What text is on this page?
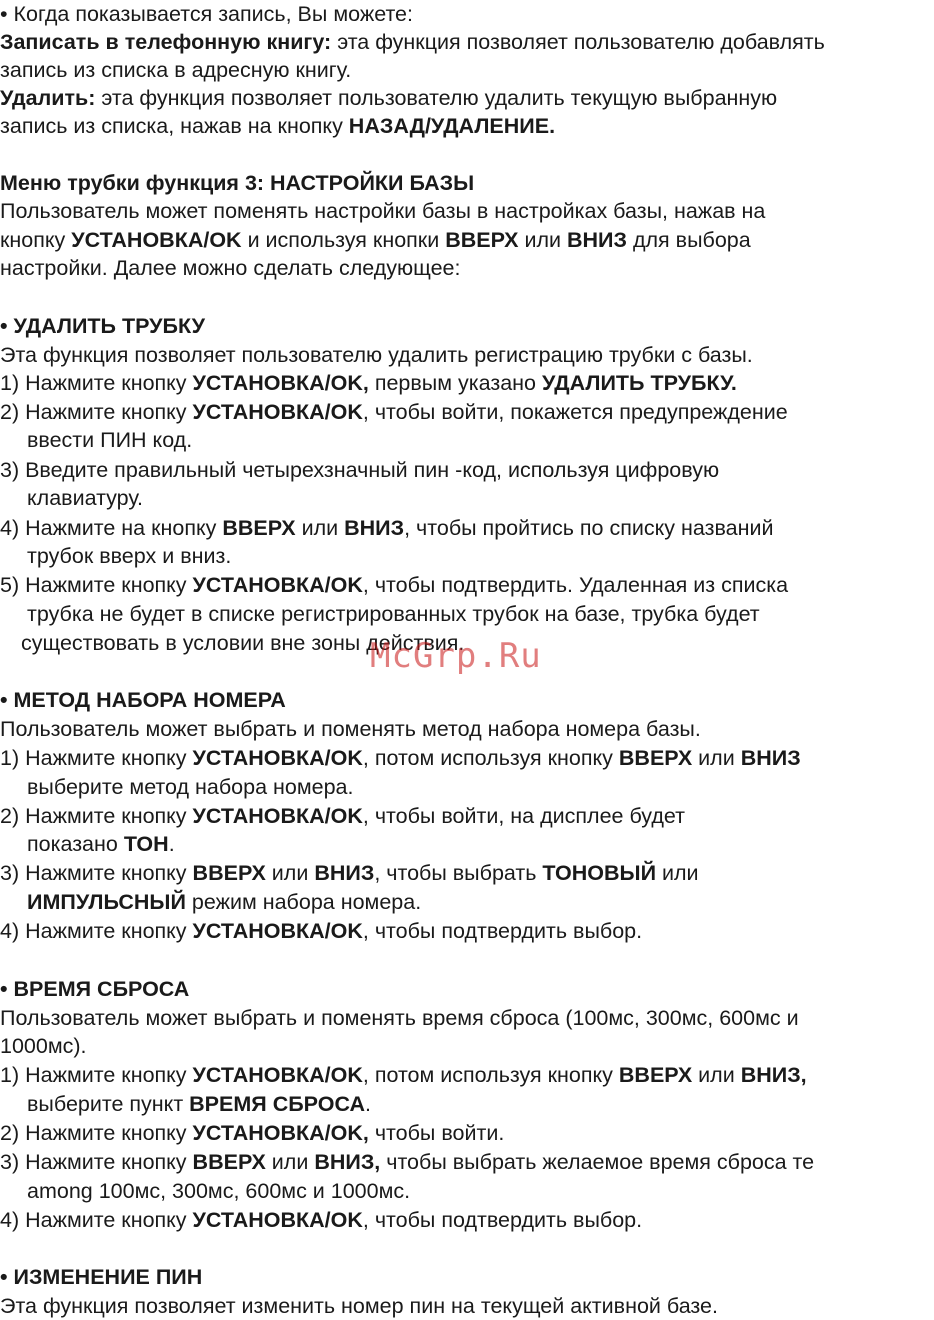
• Когда показывается запись, Вы можете:
Записать в телефонную книгу: эта функция позволяет пользователю добавлять
запись из списка в адресную книгу.
Удалить: эта функция позволяет пользователю удалить текущую выбранную
запись из списка, нажав на кнопку НАЗАД/УДАЛЕНИЕ.
Меню трубки функция 3: НАСТРОЙКИ БАЗЫ
Пользователь может поменять настройки базы в настройках базы, нажав на
кнопку УСТАНОВКА/OK и используя кнопки ВВЕРХ или ВНИЗ для выбора
настройки. Далее можно сделать следующее:
• УДАЛИТЬ ТРУБКУ
Эта функция позволяет пользователю удалить регистрацию трубки с базы.
1) Нажмите кнопку УСТАНОВКА/OK, первым указано УДАЛИТЬ ТРУБКУ.
2) Нажмите кнопку УСТАНОВКА/OK, чтобы войти, покажется предупреждение
ввести ПИН код.
3) Введите правильный четырехзначный пин -код, используя цифровую
клавиатуру.
4) Нажмите на кнопку ВВЕРХ или ВНИЗ, чтобы пройтись по списку названий
трубок вверх и вниз.
5) Нажмите кнопку УСТАНОВКА/OK, чтобы подтвердить. Удаленная из списка
трубка не будет в списке регистрированных трубок на базе, трубка будет
существовать в условии вне зоны действия.
• МЕТОД НАБОРА НОМЕРА
Пользователь может выбрать и поменять метод набора номера базы.
1) Нажмите кнопку УСТАНОВКА/OK, потом используя кнопку ВВЕРХ или ВНИЗ
выберите метод набора номера.
2) Нажмите кнопку УСТАНОВКА/OK, чтобы войти, на дисплее будет
показано ТОН.
3) Нажмите кнопку ВВЕРХ или ВНИЗ, чтобы выбрать ТОНОВЫЙ или
ИМПУЛЬСНЫЙ режим набора номера.
4) Нажмите кнопку УСТАНОВКА/OK, чтобы подтвердить выбор.
• ВРЕМЯ СБРОСА
Пользователь может выбрать и поменять время сброса (100мс, 300мс, 600мс и
1000мс).
1) Нажмите кнопку УСТАНОВКА/OK, потом используя кнопку ВВЕРХ или ВНИЗ,
выберите пункт ВРЕМЯ СБРОСА.
2) Нажмите кнопку УСТАНОВКА/OK, чтобы войти.
3) Нажмите кнопку ВВЕРХ или ВНИЗ, чтобы выбрать желаемое время сброса те
among 100мс, 300мс, 600мс и 1000мс.
4) Нажмите кнопку УСТАНОВКА/OK, чтобы подтвердить выбор.
• ИЗМЕНЕНИЕ ПИН
Эта функция позволяет изменить номер пин на текущей активной базе.
McGrp.Ru
